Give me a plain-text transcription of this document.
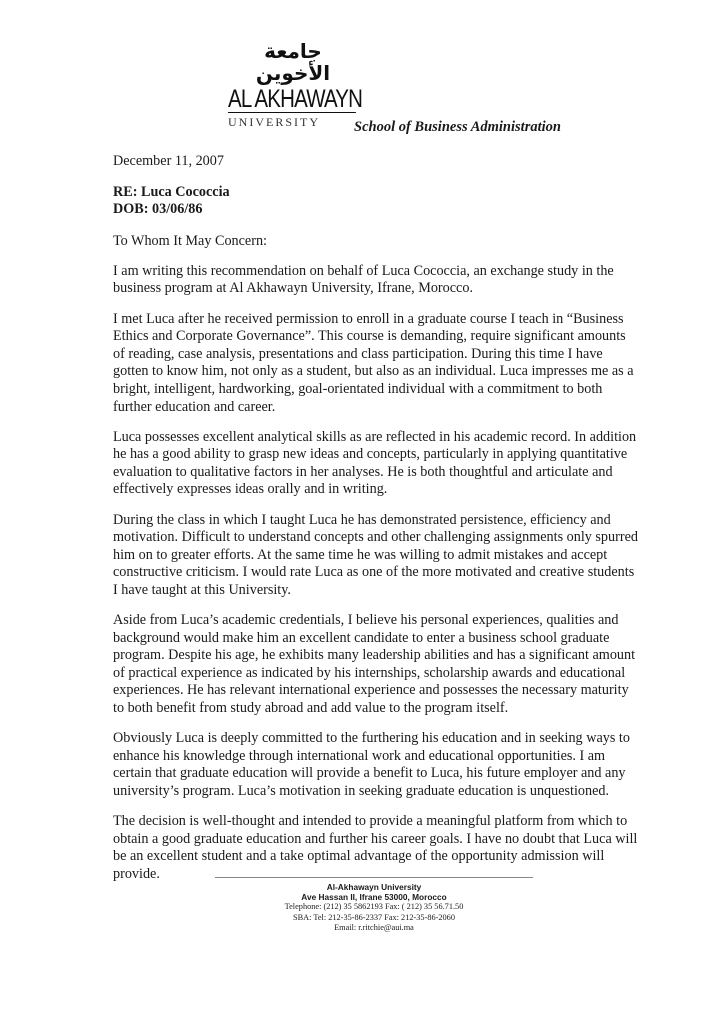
جامعة الأخوين
AL AKHAWAYN
UNIVERSITY	School of Business Administration

December 11, 2007

RE: Luca Cococcia

DOB: 03/06/86

To Whom It May Concern:

I am writing this recommendation on behalf of Luca Cococcia, an exchange study in the business program at Al Akhawayn University, Ifrane, Morocco.

I met Luca after he received permission to enroll in a graduate course I teach in “Business Ethics and Corporate Governance”. This course is demanding, require significant amounts of reading, case analysis, presentations and class participation. During this time I have gotten to know him, not only as a student, but also as an individual. Luca impresses me as a bright, intelligent, hardworking, goal-orientated individual with a commitment to both further education and career.

Luca possesses excellent analytical skills as are reflected in his academic record. In addition he has a good ability to grasp new ideas and concepts, particularly in applying quantitative evaluation to qualitative factors in her analyses. He is both thoughtful and articulate and effectively expresses ideas orally and in writing.

During the class in which I taught Luca he has demonstrated persistence, efficiency and motivation. Difficult to understand concepts and other challenging assignments only spurred him on to greater efforts. At the same time he was willing to admit mistakes and accept constructive criticism. I would rate Luca as one of the more motivated and creative students I have taught at this University.

Aside from Luca’s academic credentials, I believe his personal experiences, qualities and background would make him an excellent candidate to enter a business school graduate program. Despite his age, he exhibits many leadership abilities and has a significant amount of practical experience as indicated by his internships, scholarship awards and educational experiences. He has relevant international experience and possesses the necessary maturity to both benefit from study abroad and add value to the program itself.

Obviously Luca is deeply committed to the furthering his education and in seeking ways to enhance his knowledge through international work and educational opportunities. I am certain that graduate education will provide a benefit to Luca, his future employer and any university’s program. Luca’s motivation in seeking graduate education is unquestioned.

The decision is well-thought and intended to provide a meaningful platform from which to obtain a good graduate education and further his career goals. I have no doubt that Luca will be an excellent student and a take optimal advantage of the opportunity admission will provide.

Al-Akhawayn University
Ave Hassan II, Ifrane 53000, Morocco
Telephone: (212) 35 5862193 Fax: ( 212) 35 56.71.50
SBA: Tel: 212-35-86-2337 Fax: 212-35-86-2060
Email: r.ritchie@aui.ma
